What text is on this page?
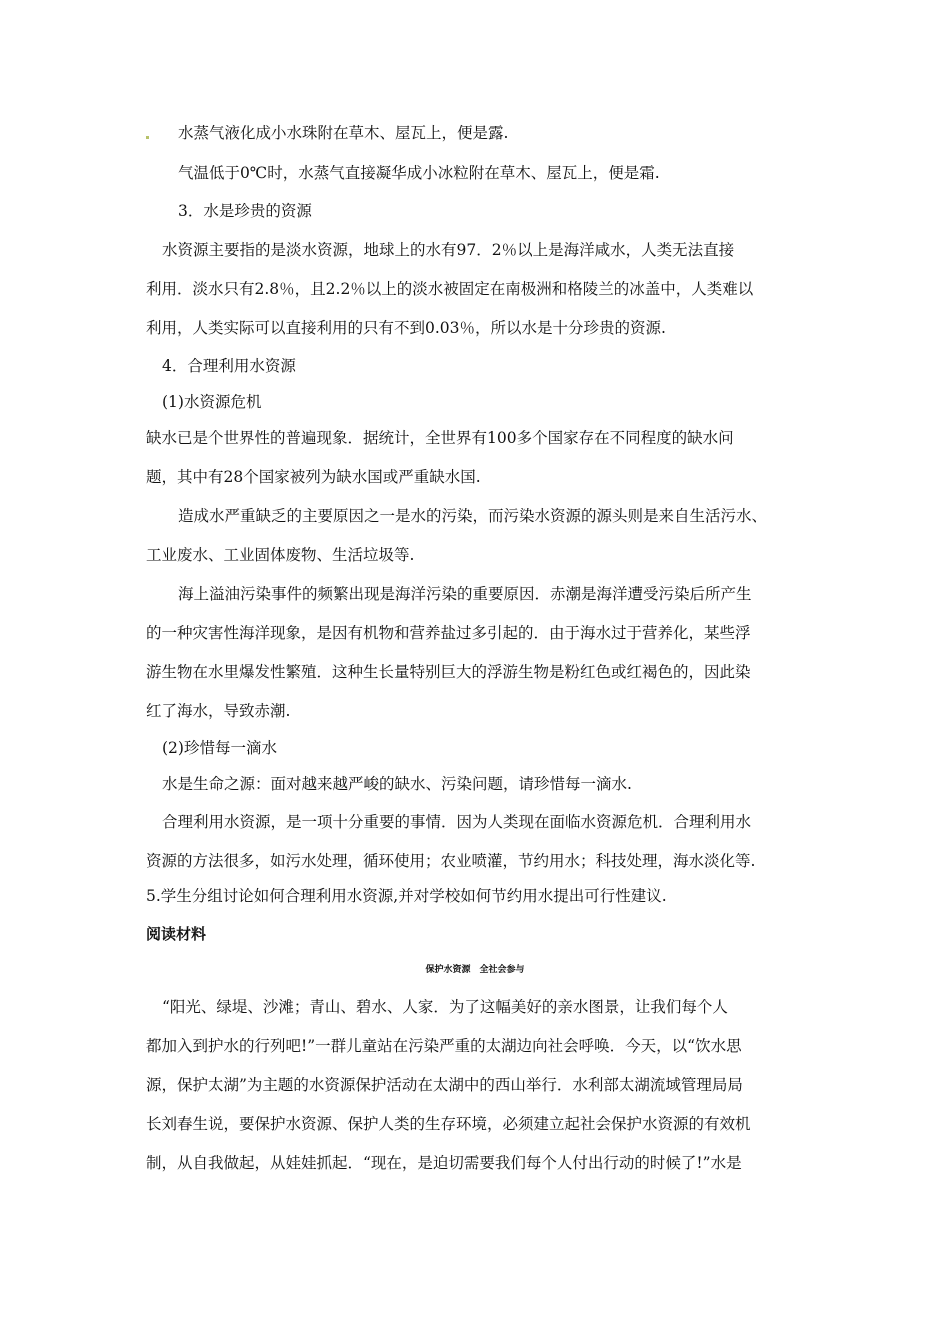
水蒸气液化成小水珠附在草木、屋瓦上，便是露.
气温低于0℃时，水蒸气直接凝华成小冰粒附在草木、屋瓦上，便是霜.
3．水是珍贵的资源
水资源主要指的是淡水资源，地球上的水有97．2％以上是海洋咸水，人类无法直接
利用．淡水只有2.8％，且2.2％以上的淡水被固定在南极洲和格陵兰的冰盖中，人类难以
利用，人类实际可以直接利用的只有不到0.03％，所以水是十分珍贵的资源.
4．合理利用水资源
(1)水资源危机
缺水已是个世界性的普遍现象．据统计，全世界有100多个国家存在不同程度的缺水问
题，其中有28个国家被列为缺水国或严重缺水国.
造成水严重缺乏的主要原因之一是水的污染，而污染水资源的源头则是来自生活污水、
工业废水、工业固体废物、生活垃圾等.
海上溢油污染事件的频繁出现是海洋污染的重要原因．赤潮是海洋遭受污染后所产生
的一种灾害性海洋现象，是因有机物和营养盐过多引起的．由于海水过于营养化，某些浮
游生物在水里爆发性繁殖．这种生长量特别巨大的浮游生物是粉红色或红褐色的，因此染
红了海水，导致赤潮.
(2)珍惜每一滴水
水是生命之源：面对越来越严峻的缺水、污染问题，请珍惜每一滴水.
合理利用水资源，是一项十分重要的事情．因为人类现在面临水资源危机．合理利用水
资源的方法很多，如污水处理，循环使用；农业喷灌，节约用水；科技处理，海水淡化等.
5.学生分组讨论如何合理利用水资源,并对学校如何节约用水提出可行性建议.
阅读材料
保护水资源　全社会参与
“阳光、绿堤、沙滩；青山、碧水、人家．为了这幅美好的亲水图景，让我们每个人
都加入到护水的行列吧!”一群儿童站在污染严重的太湖边向社会呼唤．今天，以“饮水思
源，保护太湖”为主题的水资源保护活动在太湖中的西山举行．水利部太湖流域管理局局
长刘春生说，要保护水资源、保护人类的生存环境，必须建立起社会保护水资源的有效机
制，从自我做起，从娃娃抓起．“现在，是迫切需要我们每个人付出行动的时候了!”水是
